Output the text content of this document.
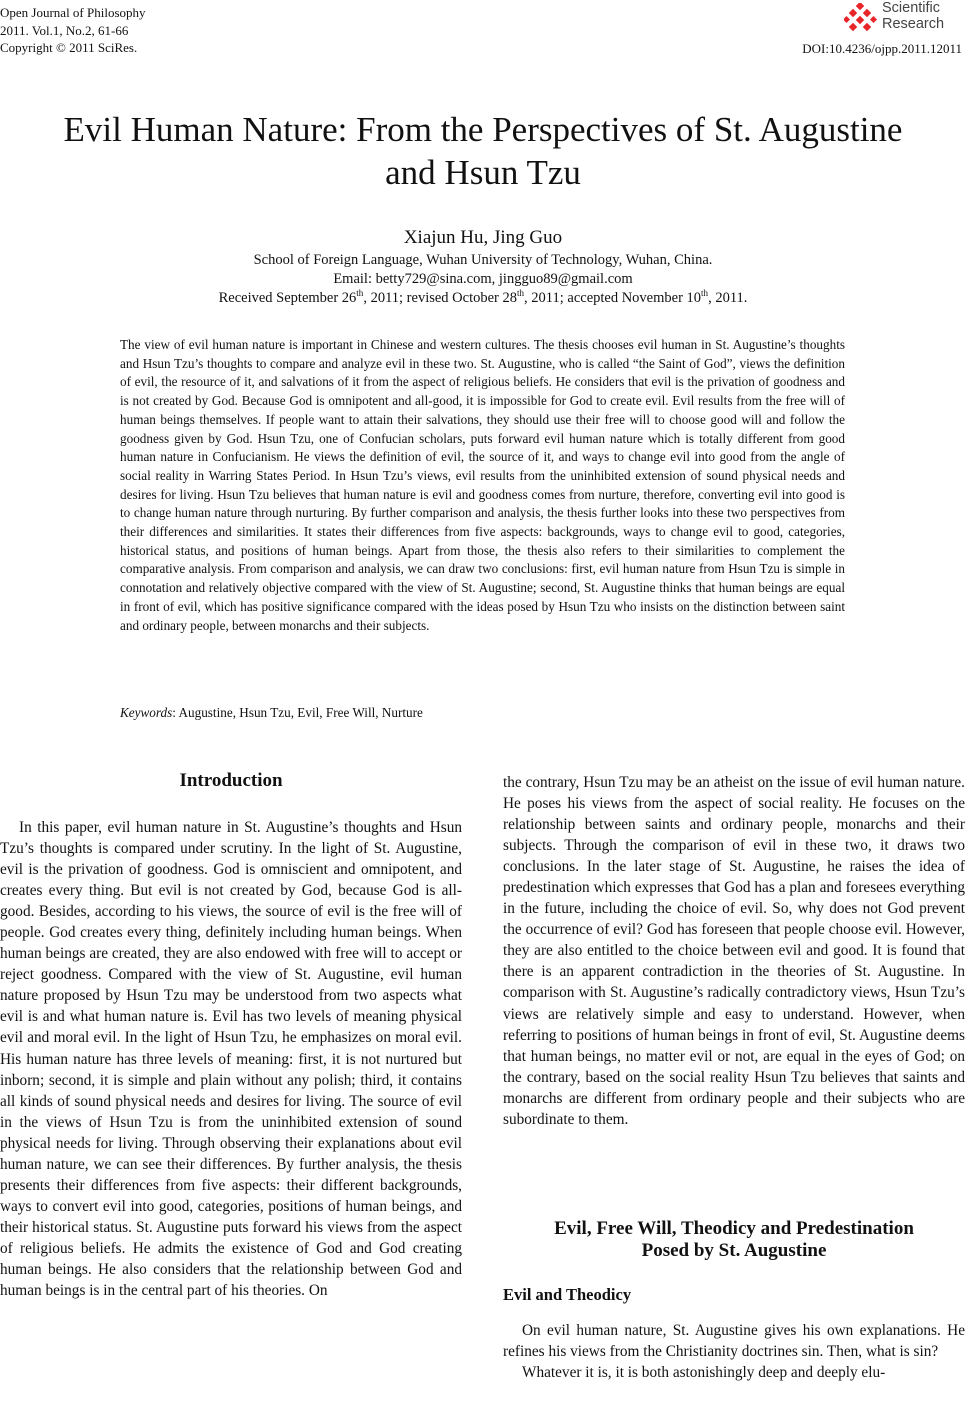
Open Journal of Philosophy
2011. Vol.1, No.2, 61-66
Copyright © 2011 SciRes.
Scientific
Research
DOI:10.4236/ojpp.2011.12011
Evil Human Nature: From the Perspectives of St. Augustine
and Hsun Tzu
Xiajun Hu, Jing Guo
School of Foreign Language, Wuhan University of Technology, Wuhan, China.
Email: betty729@sina.com, jingguo89@gmail.com
Received September 26th, 2011; revised October 28th, 2011; accepted November 10th, 2011.
The view of evil human nature is important in Chinese and western cultures. The thesis chooses evil human in St. Augustine’s thoughts and Hsun Tzu’s thoughts to compare and analyze evil in these two. St. Augustine, who is called “the Saint of God”, views the definition of evil, the resource of it, and salvations of it from the aspect of religious beliefs. He considers that evil is the privation of goodness and is not created by God. Because God is omnipotent and all-good, it is impossible for God to create evil. Evil results from the free will of human beings themselves. If people want to attain their salvations, they should use their free will to choose good will and follow the goodness given by God. Hsun Tzu, one of Confucian scholars, puts forward evil human nature which is totally different from good human nature in Confucianism. He views the definition of evil, the source of it, and ways to change evil into good from the angle of social reality in Warring States Period. In Hsun Tzu’s views, evil results from the uninhibited extension of sound physical needs and desires for living. Hsun Tzu believes that human nature is evil and goodness comes from nurture, therefore, converting evil into good is to change human nature through nurturing. By further comparison and analysis, the thesis further looks into these two perspectives from their differences and similarities. It states their differences from five aspects: backgrounds, ways to change evil to good, categories, historical status, and positions of human beings. Apart from those, the thesis also refers to their similarities to complement the comparative analysis. From comparison and analysis, we can draw two conclusions: first, evil human nature from Hsun Tzu is simple in connotation and relatively objective compared with the view of St. Augustine; second, St. Augustine thinks that human beings are equal in front of evil, which has positive significance compared with the ideas posed by Hsun Tzu who insists on the distinction between saint and ordinary people, between monarchs and their subjects.
Keywords: Augustine, Hsun Tzu, Evil, Free Will, Nurture
Introduction

In this paper, evil human nature in St. Augustine’s thoughts and Hsun Tzu’s thoughts is compared under scrutiny. In the light of St. Augustine, evil is the privation of goodness. God is omniscient and omnipotent, and creates every thing. But evil is not created by God, because God is all-good. Besides, according to his views, the source of evil is the free will of people. God creates every thing, definitely including human beings. When human beings are created, they are also endowed with free will to accept or reject goodness. Compared with the view of St. Augustine, evil human nature proposed by Hsun Tzu may be understood from two aspects what evil is and what human nature is. Evil has two levels of meaning physical evil and moral evil. In the light of Hsun Tzu, he emphasizes on moral evil. His human nature has three levels of meaning: first, it is not nurtured but inborn; second, it is simple and plain without any polish; third, it contains all kinds of sound physical needs and desires for living. The source of evil in the views of Hsun Tzu is from the uninhibited extension of sound physical needs for living. Through observing their explanations about evil human nature, we can see their differences. By further analysis, the thesis presents their differences from five aspects: their different backgrounds, ways to convert evil into good, categories, positions of human beings, and their historical status. St. Augustine puts forward his views from the aspect of religious beliefs. He admits the existence of God and God creating human beings. He also considers that the relationship between God and human beings is in the central part of his theories. On

the contrary, Hsun Tzu may be an atheist on the issue of evil human nature. He poses his views from the aspect of social reality. He focuses on the relationship between saints and ordinary people, monarchs and their subjects. Through the comparison of evil in these two, it draws two conclusions. In the later stage of St. Augustine, he raises the idea of predestination which expresses that God has a plan and foresees everything in the future, including the choice of evil. So, why does not God prevent the occurrence of evil? God has foreseen that people choose evil. However, they are also entitled to the choice between evil and good. It is found that there is an apparent contradiction in the theories of St. Augustine. In comparison with St. Augustine’s radically contradictory views, Hsun Tzu’s views are relatively simple and easy to understand. However, when referring to positions of human beings in front of evil, St. Augustine deems that human beings, no matter evil or not, are equal in the eyes of God; on the contrary, based on the social reality Hsun Tzu believes that saints and monarchs are different from ordinary people and their subjects who are subordinate to them.

Evil, Free Will, Theodicy and Predestination
Posed by St. Augustine
Evil and Theodicy

On evil human nature, St. Augustine gives his own explanations. He refines his views from the Christianity doctrines sin. Then, what is sin?

Whatever it is, it is both astonishingly deep and deeply elu-
